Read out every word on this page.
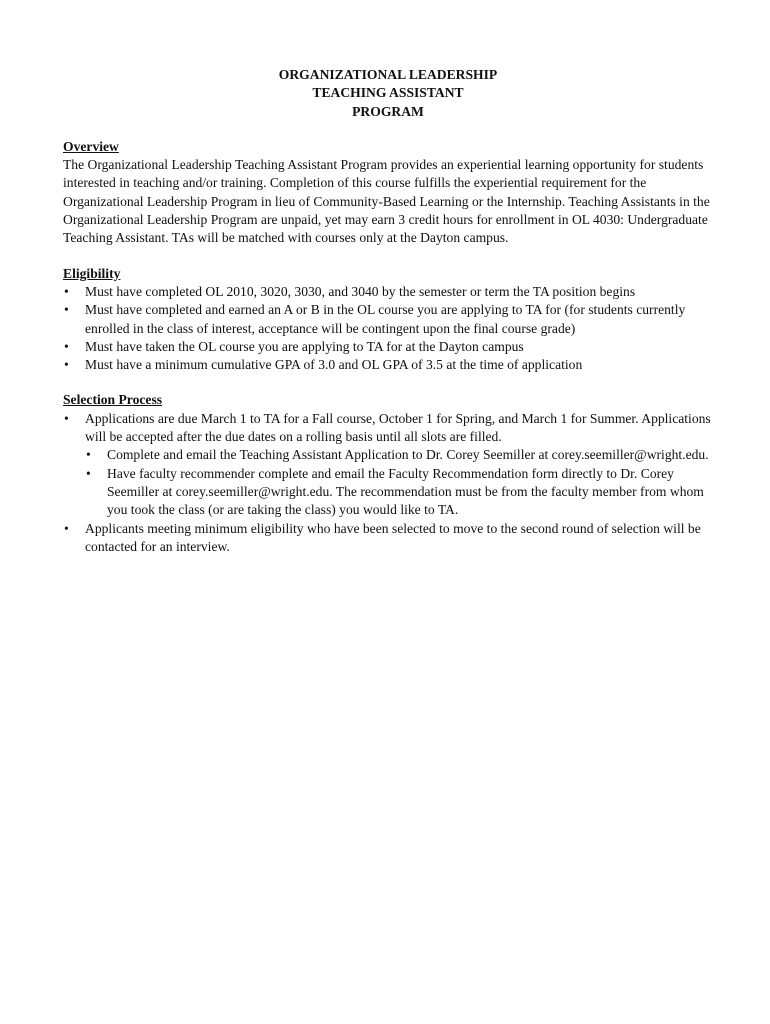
ORGANIZATIONAL LEADERSHIP
TEACHING ASSISTANT
PROGRAM
Overview
The Organizational Leadership Teaching Assistant Program provides an experiential learning opportunity for students interested in teaching and/or training. Completion of this course fulfills the experiential requirement for the Organizational Leadership Program in lieu of Community-Based Learning or the Internship. Teaching Assistants in the Organizational Leadership Program are unpaid, yet may earn 3 credit hours for enrollment in OL 4030: Undergraduate Teaching Assistant. TAs will be matched with courses only at the Dayton campus.
Eligibility
• Must have completed OL 2010, 3020, 3030, and 3040 by the semester or term the TA position begins
• Must have completed and earned an A or B in the OL course you are applying to TA for (for students currently enrolled in the class of interest, acceptance will be contingent upon the final course grade)
• Must have taken the OL course you are applying to TA for at the Dayton campus
• Must have a minimum cumulative GPA of 3.0 and OL GPA of 3.5 at the time of application
Selection Process
• Applications are due March 1 to TA for a Fall course, October 1 for Spring, and March 1 for Summer. Applications will be accepted after the due dates on a rolling basis until all slots are filled.
• Complete and email the Teaching Assistant Application to Dr. Corey Seemiller at corey.seemiller@wright.edu.
• Have faculty recommender complete and email the Faculty Recommendation form directly to Dr. Corey Seemiller at corey.seemiller@wright.edu. The recommendation must be from the faculty member from whom you took the class (or are taking the class) you would like to TA.
• Applicants meeting minimum eligibility who have been selected to move to the second round of selection will be contacted for an interview.
